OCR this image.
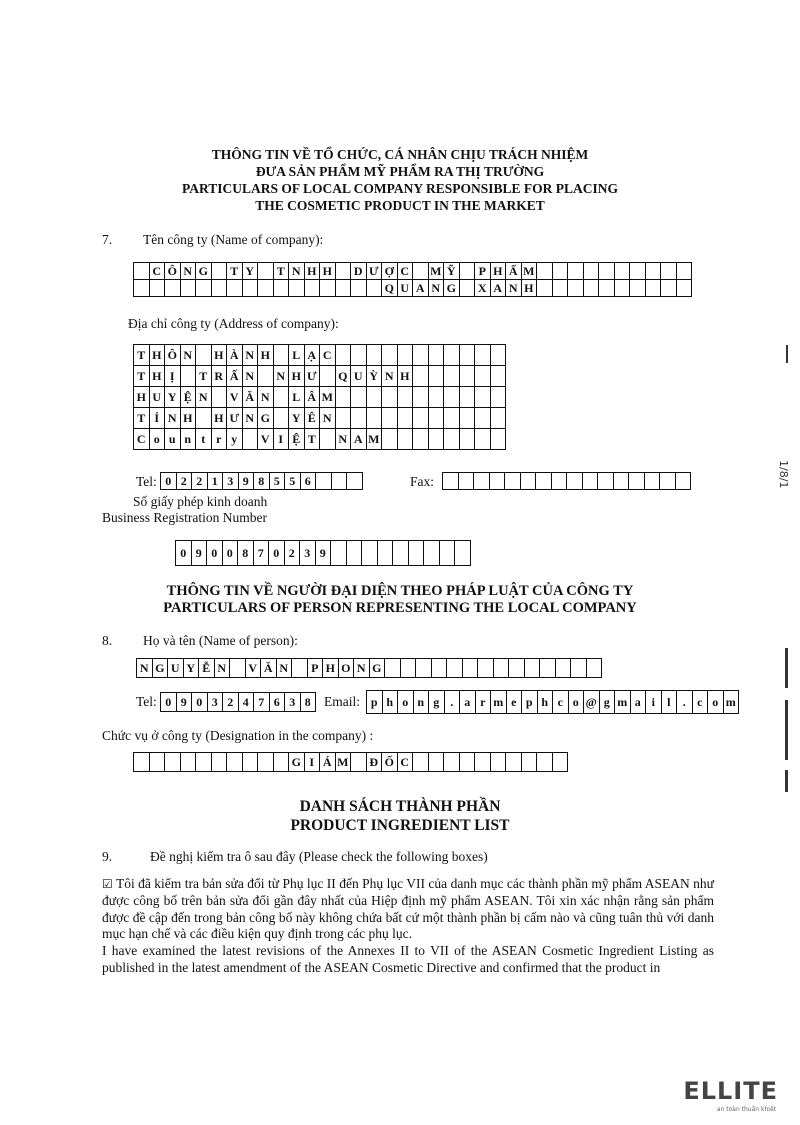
THÔNG TIN VỀ TỔ CHỨC, CÁ NHÂN CHỊU TRÁCH NHIỆM
ĐƯA SẢN PHẨM MỸ PHẨM RA THỊ TRƯỜNG
PARTICULARS OF LOCAL COMPANY RESPONSIBLE FOR PLACING
THE COSMETIC PRODUCT IN THE MARKET
7. Tên công ty (Name of company):
	C	Ô	N	G		T	Y		T	N	H	H		D	Ư	Ợ	C		M	Ỹ		P	H	Ẩ	M										
																Q	U	A	N	G		X	A	N	H										
Địa chỉ công ty (Address of company):
T	H	Ô	N		H	À	N	H		L	Ạ	C											
T	H	Ị		T	R	Ấ	N		N	H	Ư		Q	U	Ỳ	N	H						
H	U	Y	Ệ	N		V	Ă	N		L	Â	M											
T	Ỉ	N	H		H	Ư	N	G		Y	Ê	N											
C	o	u	n	t	r	y		V	I	Ệ	T		N	A	M								
Tel: 0	2	2	1	3	9	8	5	5	6				Fax:

Số giấy phép kinh doanh
Business Registration Number
0	9	0	0	8	7	0	2	3	9									
THÔNG TIN VỀ NGƯỜI ĐẠI DIỆN THEO PHÁP LUẬT CỦA CÔNG TY
PARTICULARS OF PERSON REPRESENTING THE LOCAL COMPANY
8. Họ và tên (Name of person):
N	G	U	Y	Ễ	N		V	Ă	N		P	H	O	N	G														
Tel: 0	9	0	3	2	4	7	6	3	8 Email: p	h	o	n	g	.	a	r	m	e	p	h	c	o	@	g	m	a	i	l	.	c	o	m
Chức vụ ở công ty (Designation in the company) :
										G	I	Á	M		Đ	Ố	C										
DANH SÁCH THÀNH PHẦN
PRODUCT INGREDIENT LIST
9.	Đề nghị kiểm tra ô sau đây (Please check the following boxes)
☑ Tôi đã kiểm tra bản sửa đổi từ Phụ lục II đến Phụ lục VII của danh mục các thành phần mỹ phẩm ASEAN như được công bố trên bản sửa đổi gần đây nhất của Hiệp định mỹ phẩm ASEAN. Tôi xin xác nhận rằng sản phẩm được đề cập đến trong bản công bố này không chứa bất cứ một thành phần bị cấm nào và cũng tuân thủ với danh mục hạn chế và các điều kiện quy định trong các phụ lục.
I have examined the latest revisions of the Annexes II to VII of the ASEAN Cosmetic Ingredient Listing as published in the latest amendment of the ASEAN Cosmetic Directive and confirmed that the product in
1/8/1
ELLITE
an toàn thuần khiết
